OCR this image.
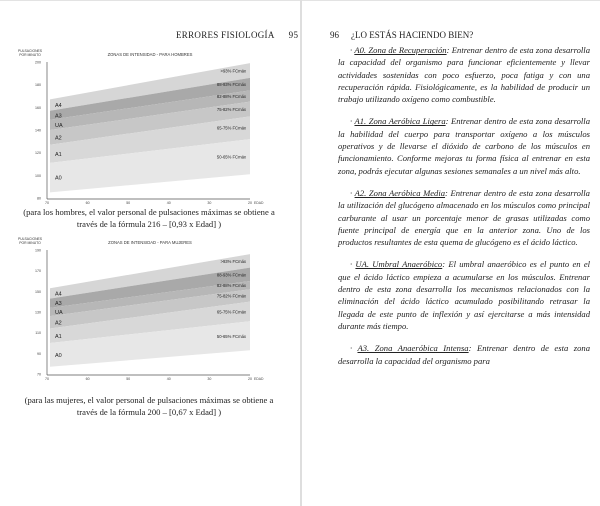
ERRORES FISIOLOGÍA 95
ZONAS DE INTENSIDAD - PARA HOMBRES
PULSACIONES
POR MINUTO
A4
>93% FCmáx
A3
88-93% FCmáx
UA
82-88% FCmáx
A2
75-82% FCmáx
A1
65-75% FCmáx
A0
50-65% FCmáx
80
100
120
140
160
180
200
70	60	50	40	30	20 EDAD
(para los hombres, el valor personal de pulsaciones máximas se obtiene a través de la fórmula 216 – [0,93 x Edad] )
ZONAS DE INTENSIDAD - PARA MUJERES
PULSACIONES
POR MINUTO
A4
>93% FCmáx
A3
88-93% FCmáx
UA
82-88% FCmáx
A2
75-82% FCmáx
A1
65-75% FCmáx
A0
50-65% FCmáx
70
90
110
130
150
170
190
70	60	50	40	30	20 EDAD
(para las mujeres, el valor personal de pulsaciones máximas se obtiene a través de la fórmula 200 – [0,67 x Edad] )
96 ¿LO ESTÁS HACIENDO BIEN?

· A0. Zona de Recuperación: Entrenar dentro de esta zona desarrolla la capacidad del organismo para funcionar eficientemente y llevar actividades sostenidas con poco esfuerzo, poca fatiga y con una recuperación rápida. Fisiológicamente, es la habilidad de producir un trabajo utilizando oxígeno como combustible.

· A1. Zona Aeróbica Ligera: Entrenar dentro de esta zona desarrolla la habilidad del cuerpo para transportar oxígeno a los músculos operativos y de llevarse el dióxido de carbono de los músculos en funcionamiento. Conforme mejoras tu forma física al entrenar en esta zona, podrás ejecutar algunas sesiones semanales a un nivel más alto.

· A2. Zona Aeróbica Media: Entrenar dentro de esta zona desarrolla la utilización del glucógeno almacenado en los músculos como principal carburante al usar un porcentaje menor de grasas utilizadas como fuente principal de energía que en la anterior zona. Uno de los productos resultantes de esta quema de glucógeno es el ácido láctico.

· UA. Umbral Anaeróbico: El umbral anaeróbico es el punto en el que el ácido láctico empieza a acumularse en los músculos. Entrenar dentro de esta zona desarrolla los mecanismos relacionados con la eliminación del ácido láctico acumulado posibilitando retrasar la llegada de este punto de inflexión y así ejercitarse a más intensidad durante más tiempo.

· A3. Zona Anaeróbica Intensa: Entrenar dentro de esta zona desarrolla la capacidad del organismo para
